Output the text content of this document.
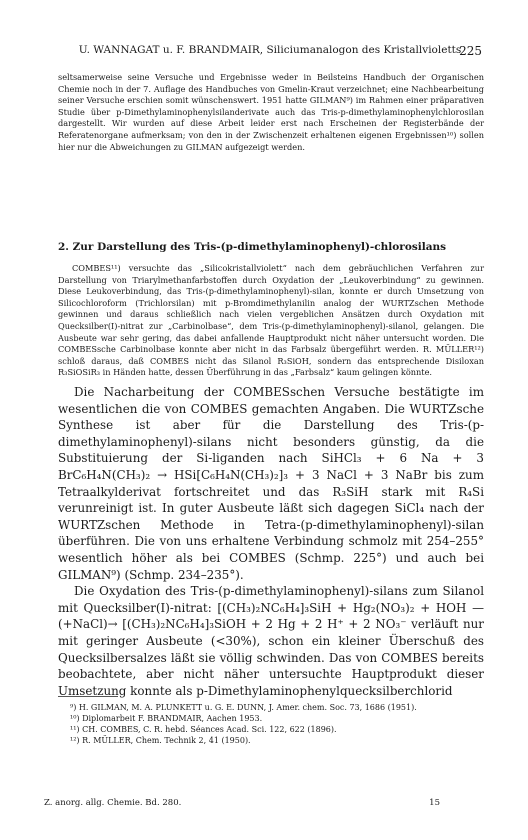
U. WANNAGAT u. F. BRANDMAIR, Siliciumanalogon des Kristallvioletts
225

seltsamerweise seine Versuche und Ergebnisse weder in Beilsteins Handbuch der Organischen Chemie noch in der 7. Auflage des Handbuches von Gmelin-Kraut verzeichnet; eine Nachbearbeitung seiner Versuche erschien somit wünschenswert. 1951 hatte GILMAN⁹) im Rahmen einer präparativen Studie über p-Dimethylaminophenylsilanderivate auch das Tris-p-dimethylaminophenylchlorosilan dargestellt. Wir wurden auf diese Arbeit leider erst nach Erscheinen der Registerbände der Referatenorgane aufmerksam; von den in der Zwischenzeit erhaltenen eigenen Ergebnissen¹⁰) sollen hier nur die Abweichungen zu GILMAN aufgezeigt werden.

2. Zur Darstellung des Tris-(p-dimethylaminophenyl)-chlorosilans

COMBES¹¹) versuchte das „Silicokristallviolett“ nach dem gebräuchlichen Verfahren zur Darstellung von Triarylmethanfarbstoffen durch Oxydation der „Leukoverbindung“ zu gewinnen. Diese Leukoverbindung, das Tris-(p-dimethylaminophenyl)-silan, konnte er durch Umsetzung von Silicochloroform (Trichlorsilan) mit p-Bromdimethylanilin analog der WURTZschen Methode gewinnen und daraus schließlich nach vielen vergeblichen Ansätzen durch Oxydation mit Quecksilber(I)-nitrat zur „Carbinolbase“, dem Tris-(p-dimethylaminophenyl)-silanol, gelangen. Die Ausbeute war sehr gering, das dabei anfallende Hauptprodukt nicht näher untersucht worden. Die COMBESsche Carbinolbase konnte aber nicht in das Farbsalz übergeführt werden. R. MÜLLER¹²) schloß daraus, daß COMBES nicht das Silanol R₃SiOH, sondern das entsprechende Disiloxan R₃SiOSiR₃ in Händen hatte, dessen Überführung in das „Farbsalz“ kaum gelingen könnte.

Die Nacharbeitung der COMBESschen Versuche bestätigte im wesentlichen die von COMBES gemachten Angaben. Die WURTZsche Synthese ist aber für die Darstellung des Tris-(p-dimethylaminophenyl)-silans nicht besonders günstig, da die Substituierung der Si-liganden nach SiHCl₃ + 6 Na + 3 BrC₆H₄N(CH₃)₂ → HSi[C₆H₄N(CH₃)₂]₃ + 3 NaCl + 3 NaBr bis zum Tetraalkylderivat fortschreitet und das R₃SiH stark mit R₄Si verunreinigt ist. In guter Ausbeute läßt sich dagegen SiCl₄ nach der WURTZschen Methode in Tetra-(p-dimethylaminophenyl)-silan überführen. Die von uns erhaltene Verbindung schmolz mit 254–255° wesentlich höher als bei COMBES (Schmp. 225°) und auch bei GILMAN⁹) (Schmp. 234–235°).

Die Oxydation des Tris-(p-dimethylaminophenyl)-silans zum Silanol mit Quecksilber(I)-nitrat: [(CH₃)₂NC₆H₄]₃SiH + Hg₂(NO₃)₂ + HOH —(+NaCl)→ [(CH₃)₂NC₆H₄]₃SiOH + 2 Hg + 2 H⁺ + 2 NO₃⁻ verläuft nur mit geringer Ausbeute (<30%), schon ein kleiner Überschuß des Quecksilbersalzes läßt sie völlig schwinden. Das von COMBES bereits beobachtete, aber nicht näher untersuchte Hauptprodukt dieser Umsetzung konnte als p-Dimethylaminophenylquecksilberchlorid

⁹) H. GILMAN, M. A. PLUNKETT u. G. E. DUNN, J. Amer. chem. Soc. 73, 1686 (1951).
¹⁰) Diplomarbeit F. BRANDMAIR, Aachen 1953.
¹¹) CH. COMBES, C. R. hebd. Séances Acad. Sci. 122, 622 (1896).
¹²) R. MÜLLER, Chem. Technik 2, 41 (1950).
Z. anorg. allg. Chemie. Bd. 280.	15
